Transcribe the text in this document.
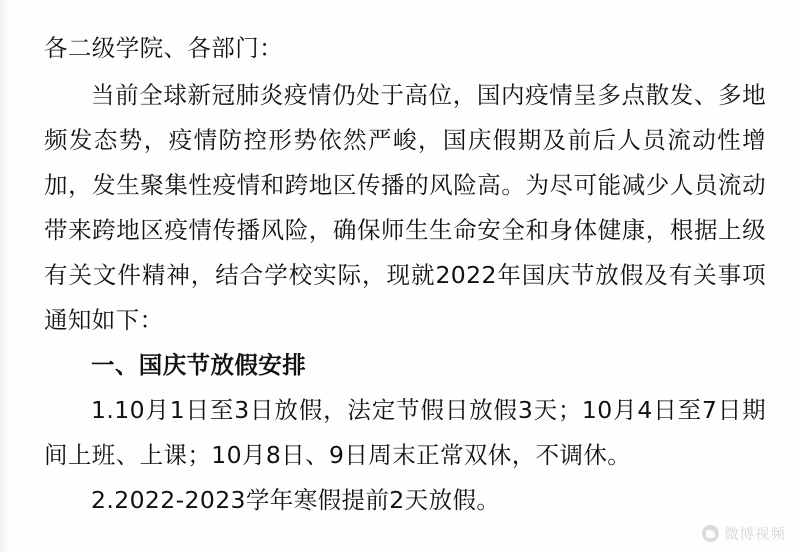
各二级学院、各部门：

当前全球新冠肺炎疫情仍处于高位，国内疫情呈多点散发、多地频发态势，疫情防控形势依然严峻，国庆假期及前后人员流动性增加，发生聚集性疫情和跨地区传播的风险高。为尽可能减少人员流动带来跨地区疫情传播风险，确保师生生命安全和身体健康，根据上级有关文件精神，结合学校实际，现就2022年国庆节放假及有关事项通知如下：

一、国庆节放假安排

1.10月1日至3日放假，法定节假日放假3天；10月4日至7日期间上班、上课；10月8日、9日周末正常双休，不调休。

2.2022-2023学年寒假提前2天放假。

微博视频
